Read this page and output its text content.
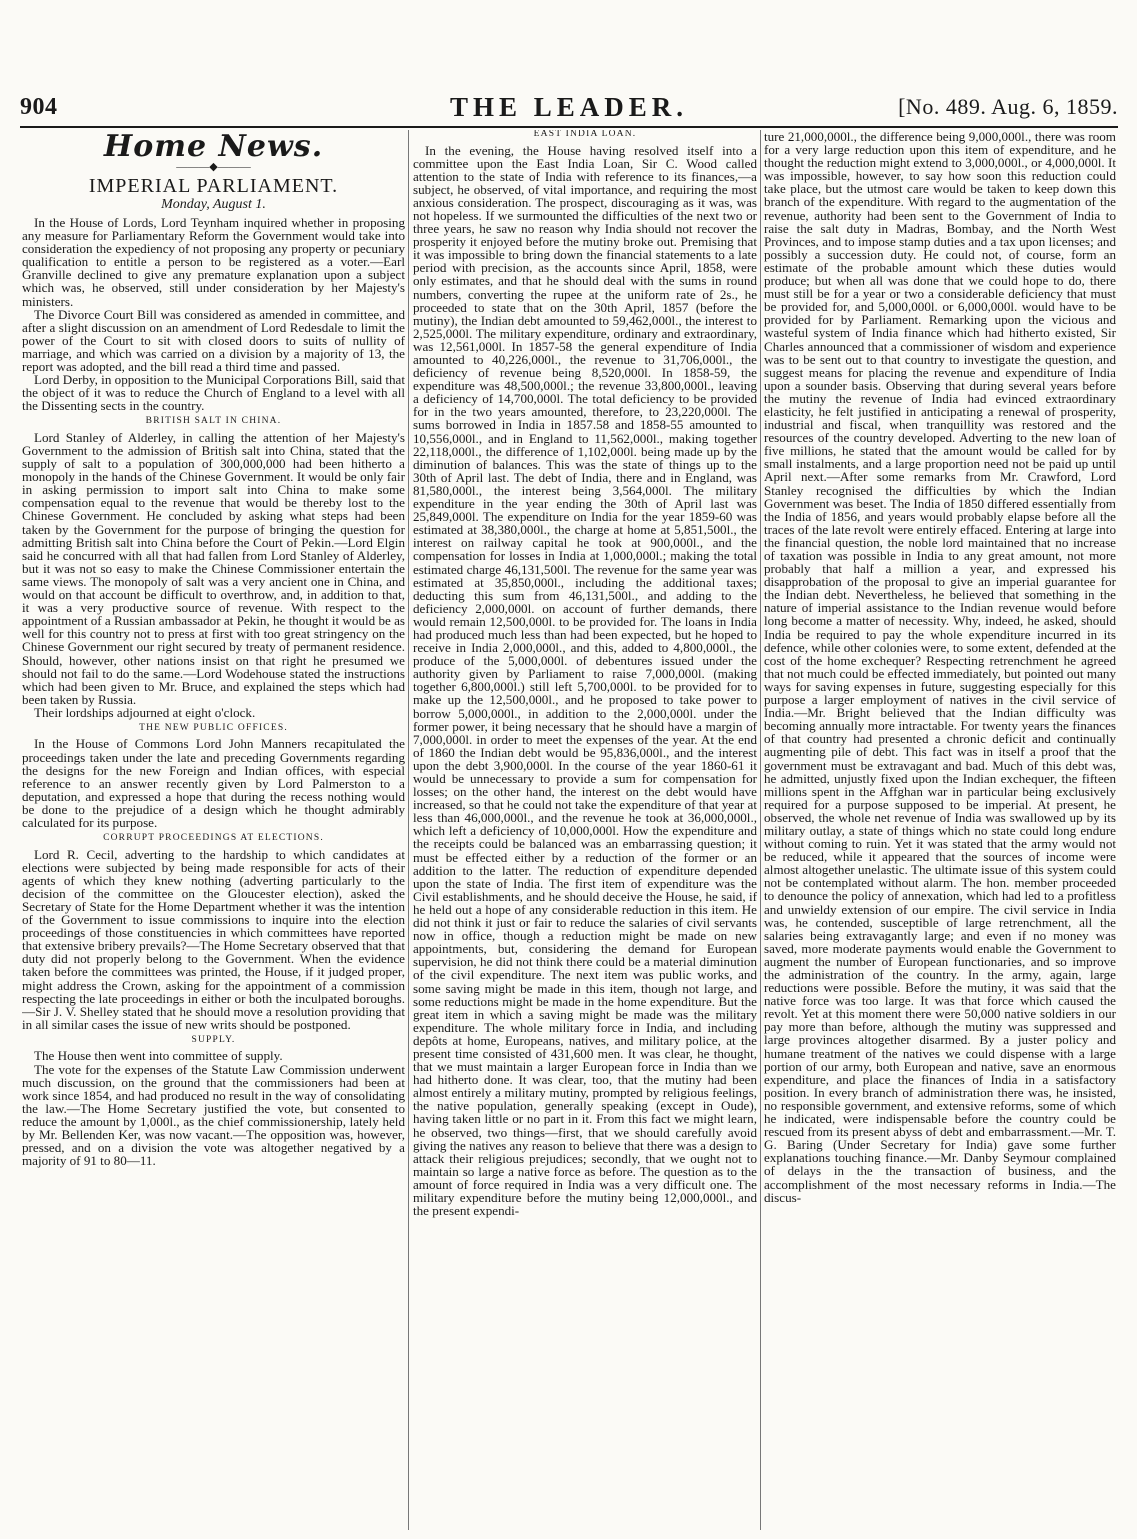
904	THE LEADER.	[No. 489. Aug. 6, 1859.
Home News.
———◆———
IMPERIAL PARLIAMENT.
Monday, August 1.

In the House of Lords, Lord Teynham inquired whether in proposing any measure for Parliamentary Reform the Government would take into consideration the expediency of not proposing any property or pecuniary qualification to entitle a person to be registered as a voter.—Earl Granville declined to give any premature explanation upon a subject which was, he observed, still under consideration by her Majesty's ministers.

The Divorce Court Bill was considered as amended in committee, and after a slight discussion on an amendment of Lord Redesdale to limit the power of the Court to sit with closed doors to suits of nullity of marriage, and which was carried on a division by a majority of 13, the report was adopted, and the bill read a third time and passed.

Lord Derby, in opposition to the Municipal Corporations Bill, said that the object of it was to reduce the Church of England to a level with all the Dissenting sects in the country.

BRITISH SALT IN CHINA.

Lord Stanley of Alderley, in calling the attention of her Majesty's Government to the admission of British salt into China, stated that the supply of salt to a population of 300,000,000 had been hitherto a monopoly in the hands of the Chinese Government. It would be only fair in asking permission to import salt into China to make some compensation equal to the revenue that would be thereby lost to the Chinese Government. He concluded by asking what steps had been taken by the Government for the purpose of bringing the question for admitting British salt into China before the Court of Pekin.—Lord Elgin said he concurred with all that had fallen from Lord Stanley of Alderley, but it was not so easy to make the Chinese Commissioner entertain the same views. The monopoly of salt was a very ancient one in China, and would on that account be difficult to overthrow, and, in addition to that, it was a very productive source of revenue. With respect to the appointment of a Russian ambassador at Pekin, he thought it would be as well for this country not to press at first with too great stringency on the Chinese Government our right secured by treaty of permanent residence. Should, however, other nations insist on that right he presumed we should not fail to do the same.—Lord Wodehouse stated the instructions which had been given to Mr. Bruce, and explained the steps which had been taken by Russia.

Their lordships adjourned at eight o'clock.

THE NEW PUBLIC OFFICES.

In the House of Commons Lord John Manners recapitulated the proceedings taken under the late and preceding Governments regarding the designs for the new Foreign and Indian offices, with especial reference to an answer recently given by Lord Palmerston to a deputation, and expressed a hope that during the recess nothing would be done to the prejudice of a design which he thought admirably calculated for its purpose.

CORRUPT PROCEEDINGS AT ELECTIONS.

Lord R. Cecil, adverting to the hardship to which candidates at elections were subjected by being made responsible for acts of their agents of which they knew nothing (adverting particularly to the decision of the committee on the Gloucester election), asked the Secretary of State for the Home Department whether it was the intention of the Government to issue commissions to inquire into the election proceedings of those constituencies in which committees have reported that extensive bribery prevails?—The Home Secretary observed that that duty did not properly belong to the Government. When the evidence taken before the committees was printed, the House, if it judged proper, might address the Crown, asking for the appointment of a commission respecting the late proceedings in either or both the inculpated boroughs.—Sir J. V. Shelley stated that he should move a resolution providing that in all similar cases the issue of new writs should be postponed.

SUPPLY.

The House then went into committee of supply.

The vote for the expenses of the Statute Law Commission underwent much discussion, on the ground that the commissioners had been at work since 1854, and had produced no result in the way of consolidating the law.—The Home Secretary justified the vote, but consented to reduce the amount by 1,000l., as the chief commissionership, lately held by Mr. Bellenden Ker, was now vacant.—The opposition was, however, pressed, and on a division the vote was altogether negatived by a majority of 91 to 80—11.

EAST INDIA LOAN.

In the evening, the House having resolved itself into a committee upon the East India Loan, Sir C. Wood called attention to the state of India with reference to its finances,—a subject, he observed, of vital importance, and requiring the most anxious consideration. The prospect, discouraging as it was, was not hopeless. If we surmounted the difficulties of the next two or three years, he saw no reason why India should not recover the prosperity it enjoyed before the mutiny broke out. Premising that it was impossible to bring down the financial statements to a late period with precision, as the accounts since April, 1858, were only estimates, and that he should deal with the sums in round numbers, converting the rupee at the uniform rate of 2s., he proceeded to state that on the 30th April, 1857 (before the mutiny), the Indian debt amounted to 59,462,000l., the interest to 2,525,000l. The military expenditure, ordinary and extraordinary, was 12,561,000l. In 1857-58 the general expenditure of India amounted to 40,226,000l., the revenue to 31,706,000l., the deficiency of revenue being 8,520,000l. In 1858-59, the expenditure was 48,500,000l.; the revenue 33,800,000l., leaving a deficiency of 14,700,000l. The total deficiency to be provided for in the two years amounted, therefore, to 23,220,000l. The sums borrowed in India in 1857.58 and 1858-55 amounted to 10,556,000l., and in England to 11,562,000l., making together 22,118,000l., the difference of 1,102,000l. being made up by the diminution of balances. This was the state of things up to the 30th of April last. The debt of India, there and in England, was 81,580,000l., the interest being 3,564,000l. The military expenditure in the year ending the 30th of April last was 25,849,000l. The expenditure on India for the year 1859-60 was estimated at 38,380,000l., the charge at home at 5,851,500l., the interest on railway capital he took at 900,000l., and the compensation for losses in India at 1,000,000l.; making the total estimated charge 46,131,500l. The revenue for the same year was estimated at 35,850,000l., including the additional taxes; deducting this sum from 46,131,500l., and adding to the deficiency 2,000,000l. on account of further demands, there would remain 12,500,000l. to be provided for. The loans in India had produced much less than had been expected, but he hoped to receive in India 2,000,000l., and this, added to 4,800,000l., the produce of the 5,000,000l. of debentures issued under the authority given by Parliament to raise 7,000,000l. (making together 6,800,000l.) still left 5,700,000l. to be provided for to make up the 12,500,000l., and he proposed to take power to borrow 5,000,000l., in addition to the 2,000,000l. under the former power, it being necessary that he should have a margin of 7,000,000l. in order to meet the expenses of the year. At the end of 1860 the Indian debt would be 95,836,000l., and the interest upon the debt 3,900,000l. In the course of the year 1860-61 it would be unnecessary to provide a sum for compensation for losses; on the other hand, the interest on the debt would have increased, so that he could not take the expenditure of that year at less than 46,000,000l., and the revenue he took at 36,000,000l., which left a deficiency of 10,000,000l. How the expenditure and the receipts could be balanced was an embarrassing question; it must be effected either by a reduction of the former or an addition to the latter. The reduction of expenditure depended upon the state of India. The first item of expenditure was the Civil establishments, and he should deceive the House, he said, if he held out a hope of any considerable reduction in this item. He did not think it just or fair to reduce the salaries of civil servants now in office, though a reduction might be made on new appointments, but, considering the demand for European supervision, he did not think there could be a material diminution of the civil expenditure. The next item was public works, and some saving might be made in this item, though not large, and some reductions might be made in the home expenditure. But the great item in which a saving might be made was the military expenditure. The whole military force in India, and including depôts at home, Europeans, natives, and military police, at the present time consisted of 431,600 men. It was clear, he thought, that we must maintain a larger European force in India than we had hitherto done. It was clear, too, that the mutiny had been almost entirely a military mutiny, prompted by religious feelings, the native population, generally speaking (except in Oude), having taken little or no part in it. From this fact we might learn, he observed, two things—first, that we should carefully avoid giving the natives any reason to believe that there was a design to attack their religious prejudices; secondly, that we ought not to maintain so large a native force as before. The question as to the amount of force required in India was a very difficult one. The military expenditure before the mutiny being 12,000,000l., and the present expendi-

ture 21,000,000l., the difference being 9,000,000l., there was room for a very large reduction upon this item of expenditure, and he thought the reduction might extend to 3,000,000l., or 4,000,000l. It was impossible, however, to say how soon this reduction could take place, but the utmost care would be taken to keep down this branch of the expenditure. With regard to the augmentation of the revenue, authority had been sent to the Government of India to raise the salt duty in Madras, Bombay, and the North West Provinces, and to impose stamp duties and a tax upon licenses; and possibly a succession duty. He could not, of course, form an estimate of the probable amount which these duties would produce; but when all was done that we could hope to do, there must still be for a year or two a considerable deficiency that must be provided for, and 5,000,000l. or 6,000,000l. would have to be provided for by Parliament. Remarking upon the vicious and wasteful system of India finance which had hitherto existed, Sir Charles announced that a commissioner of wisdom and experience was to be sent out to that country to investigate the question, and suggest means for placing the revenue and expenditure of India upon a sounder basis. Observing that during several years before the mutiny the revenue of India had evinced extraordinary elasticity, he felt justified in anticipating a renewal of prosperity, industrial and fiscal, when tranquillity was restored and the resources of the country developed. Adverting to the new loan of five millions, he stated that the amount would be called for by small instalments, and a large proportion need not be paid up until April next.—After some remarks from Mr. Crawford, Lord Stanley recognised the difficulties by which the Indian Government was beset. The India of 1850 differed essentially from the India of 1856, and years would probably elapse before all the traces of the late revolt were entirely effaced. Entering at large into the financial question, the noble lord maintained that no increase of taxation was possible in India to any great amount, not more probably that half a million a year, and expressed his disapprobation of the proposal to give an imperial guarantee for the Indian debt. Nevertheless, he believed that something in the nature of imperial assistance to the Indian revenue would before long become a matter of necessity. Why, indeed, he asked, should India be required to pay the whole expenditure incurred in its defence, while other colonies were, to some extent, defended at the cost of the home exchequer? Respecting retrenchment he agreed that not much could be effected immediately, but pointed out many ways for saving expenses in future, suggesting especially for this purpose a larger employment of natives in the civil service of India.—Mr. Bright believed that the Indian difficulty was becoming annually more intractable. For twenty years the finances of that country had presented a chronic deficit and continually augmenting pile of debt. This fact was in itself a proof that the government must be extravagant and bad. Much of this debt was, he admitted, unjustly fixed upon the Indian exchequer, the fifteen millions spent in the Affghan war in particular being exclusively required for a purpose supposed to be imperial. At present, he observed, the whole net revenue of India was swallowed up by its military outlay, a state of things which no state could long endure without coming to ruin. Yet it was stated that the army would not be reduced, while it appeared that the sources of income were almost altogether unelastic. The ultimate issue of this system could not be contemplated without alarm. The hon. member proceeded to denounce the policy of annexation, which had led to a profitless and unwieldy extension of our empire. The civil service in India was, he contended, susceptible of large retrenchment, all the salaries being extravagantly large; and even if no money was saved, more moderate payments would enable the Government to augment the number of European functionaries, and so improve the administration of the country. In the army, again, large reductions were possible. Before the mutiny, it was said that the native force was too large. It was that force which caused the revolt. Yet at this moment there were 50,000 native soldiers in our pay more than before, although the mutiny was suppressed and large provinces altogether disarmed. By a juster policy and humane treatment of the natives we could dispense with a large portion of our army, both European and native, save an enormous expenditure, and place the finances of India in a satisfactory position. In every branch of administration there was, he insisted, no responsible government, and extensive reforms, some of which he indicated, were indispensable before the country could be rescued from its present abyss of debt and embarrassment.—Mr. T. G. Baring (Under Secretary for India) gave some further explanations touching finance.—Mr. Danby Seymour complained of delays in the the transaction of business, and the accomplishment of the most necessary reforms in India.—The discus-
